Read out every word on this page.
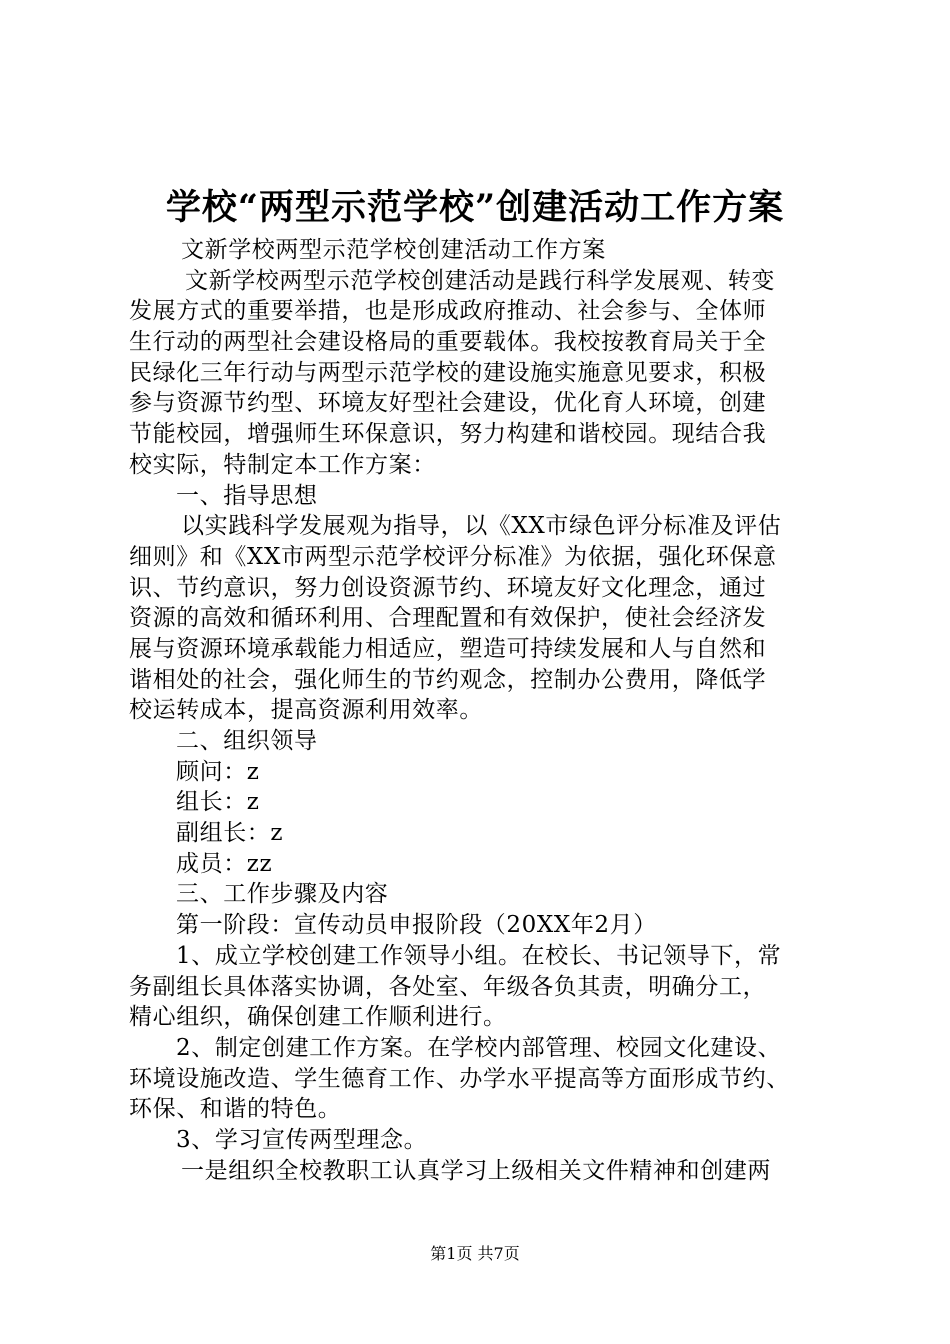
学校“两型示范学校”创建活动工作方案
文新学校两型示范学校创建活动工作方案
文新学校两型示范学校创建活动是践行科学发展观、转变
发展方式的重要举措，也是形成政府推动、社会参与、全体师
生行动的两型社会建设格局的重要载体。我校按教育局关于全
民绿化三年行动与两型示范学校的建设施实施意见要求，积极
参与资源节约型、环境友好型社会建设，优化育人环境，创建
节能校园，增强师生环保意识，努力构建和谐校园。现结合我
校实际，特制定本工作方案：
一、指导思想
以实践科学发展观为指导，以《XX市绿色评分标准及评估
细则》和《XX市两型示范学校评分标准》为依据，强化环保意
识、节约意识，努力创设资源节约、环境友好文化理念，通过
资源的高效和循环利用、合理配置和有效保护，使社会经济发
展与资源环境承载能力相适应，塑造可持续发展和人与自然和
谐相处的社会，强化师生的节约观念，控制办公费用，降低学
校运转成本，提高资源利用效率。
二、组织领导
顾问：z
组长：z
副组长：z
成员：zz
三、工作步骤及内容
第一阶段：宣传动员申报阶段（20XX年2月）
1、成立学校创建工作领导小组。在校长、书记领导下，常
务副组长具体落实协调，各处室、年级各负其责，明确分工，
精心组织，确保创建工作顺利进行。
2、制定创建工作方案。在学校内部管理、校园文化建设、
环境设施改造、学生德育工作、办学水平提高等方面形成节约、
环保、和谐的特色。
3、学习宣传两型理念。
一是组织全校教职工认真学习上级相关文件精神和创建两
第1页 共7页
